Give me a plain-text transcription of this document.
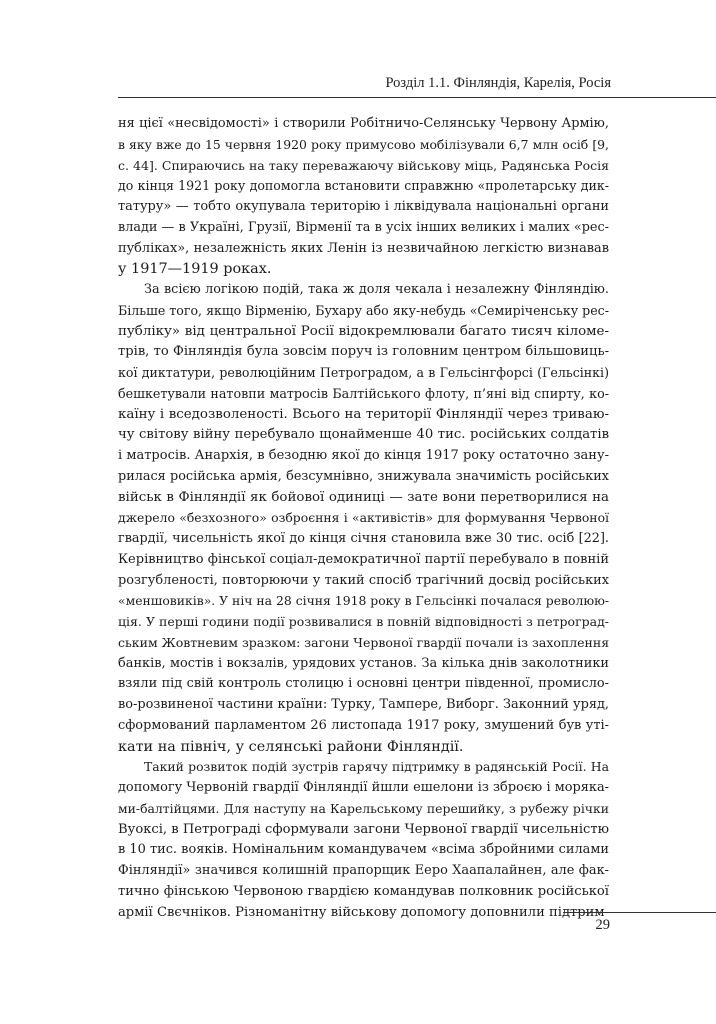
Розділ 1.1. Фінляндія, Карелія, Росія
ня цієї «несвідомості» і створили Робітничо-Селянську Червону Армію,
в яку вже до 15 червня 1920 року примусово мобілізували 6,7 млн осіб [9,
с. 44]. Спираючись на таку переважаючу військову міць, Радянська Росія
до кінця 1921 року допомогла встановити справжню «пролетарську дик-
татуру» — тобто окупувала територію і ліквідувала національні органи
влади — в Україні, Грузії, Вірменії та в усіх інших великих і малих «рес-
публіках», незалежність яких Ленін із незвичайною легкістю визнавав
у 1917—1919 роках.
За всією логікою подій, така ж доля чекала і незалежну Фінляндію.
Більше того, якщо Вірменію, Бухару або яку-небудь «Семиріченську рес-
публіку» від центральної Росії відокремлювали багато тисяч кіломе-
трів, то Фінляндія була зовсім поруч із головним центром більшовиць-
кої диктатури, революційним Петроградом, а в Гельсінгфорсі (Гельсінкі)
бешкетували натовпи матросів Балтійського флоту, п’яні від спирту, ко-
каїну і вседозволеності. Всього на території Фінляндії через триваю-
чу світову війну перебувало щонайменше 40 тис. російських солдатів
і матросів. Анархія, в безодню якої до кінця 1917 року остаточно зану-
рилася російська армія, безсумнівно, знижувала значимість російських
військ в Фінляндії як бойової одиниці — зате вони перетворилися на
джерело «безхозного» озброєння і «активістів» для формування Червоної
гвардії, чисельність якої до кінця січня становила вже 30 тис. осіб [22].
Керівництво фінської соціал-демократичної партії перебувало в повній
розгубленості, повторюючи у такий спосіб трагічний досвід російських
«меншовиків». У ніч на 28 січня 1918 року в Гельсінкі почалася революю-
ція. У перші години події розвивалися в повній відповідності з петроград-
ським Жовтневим зразком: загони Червоної гвардії почали із захоплення
банків, мостів і вокзалів, урядових установ. За кілька днів заколотники
взяли під свій контроль столицю і основні центри південної, промисло-
во-розвиненої частини країни: Турку, Тампере, Виборг. Законний уряд,
сформований парламентом 26 листопада 1917 року, змушений був уті-
кати на північ, у селянські райони Фінляндії.
Такий розвиток подій зустрів гарячу підтримку в радянській Росії. На
допомогу Червоній гвардії Фінляндії йшли ешелони із зброєю і моряка-
ми-балтійцями. Для наступу на Карельському перешийку, з рубежу річки
Вуоксі, в Петрограді сформували загони Червоної гвардії чисельністю
в 10 тис. вояків. Номінальним командувачем «всіма збройними силами
Фінляндії» значився колишній прапорщик Ееро Хаапалайнен, але фак-
тично фінською Червоною гвардією командував полковник російської
армії Свєчніков. Різноманітну військову допомогу доповнили підтрим-
29
